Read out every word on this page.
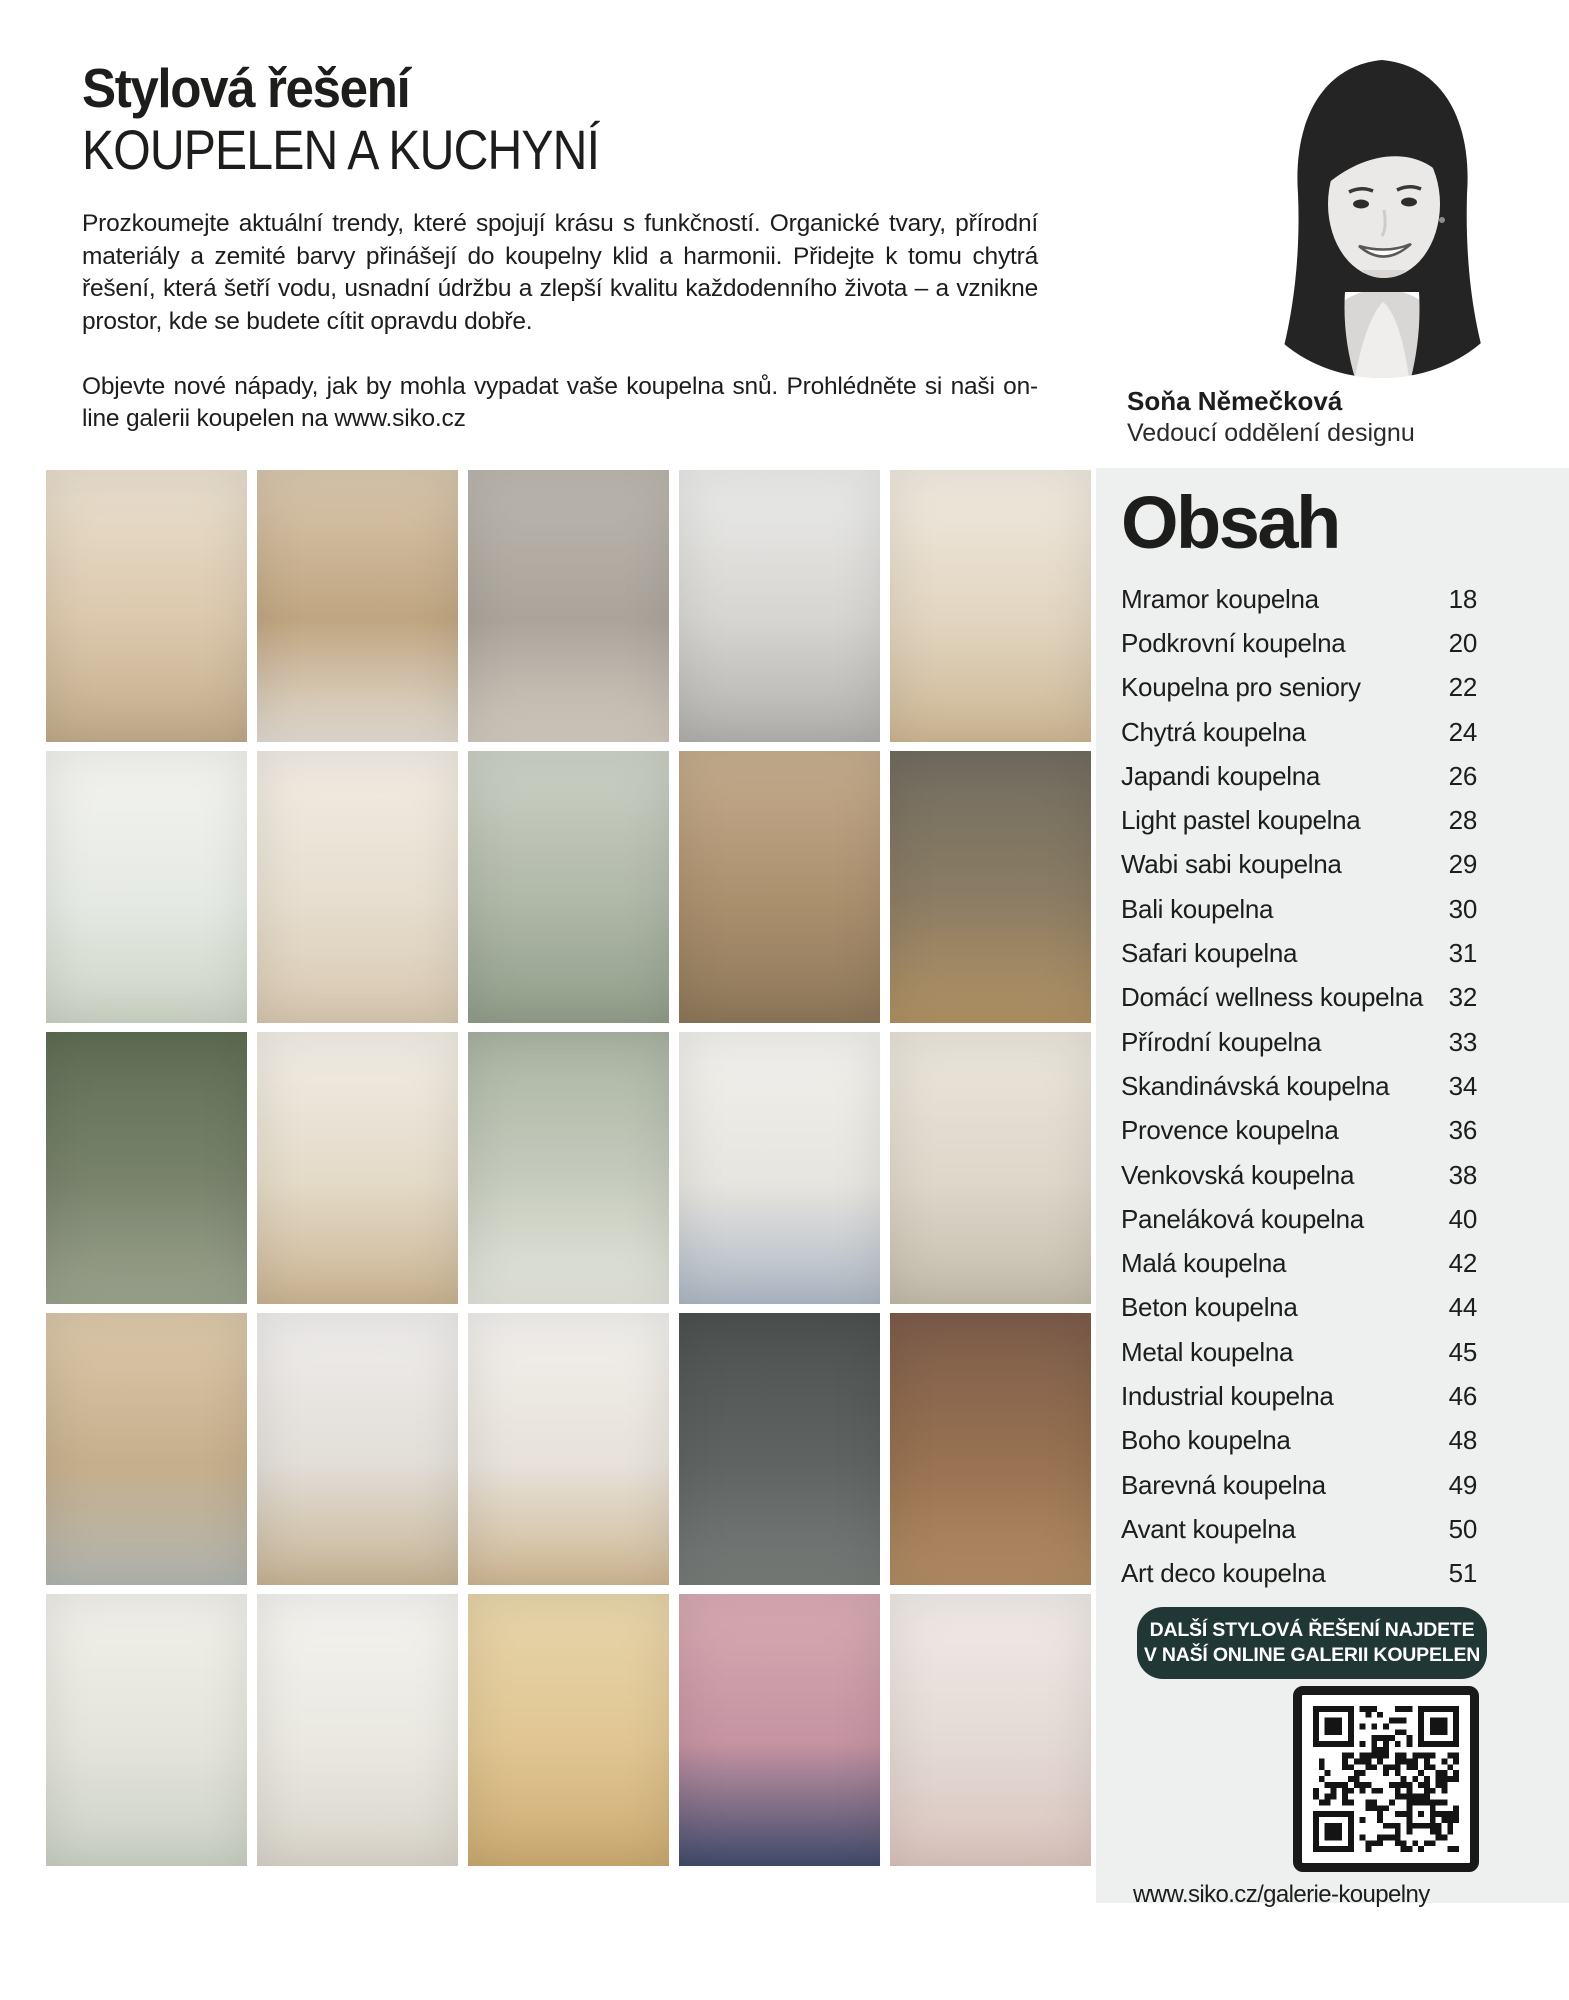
Stylová řešení
KOUPELEN A KUCHYNÍ

Prozkoumejte aktuální trendy, které spojují krásu s funkčností. Organické tvary, přírodní materiály a zemité barvy přinášejí do koupelny klid a harmonii. Přidejte k tomu chytrá řešení, která šetří vodu, usnadní údržbu a zlepší kvalitu každodenního života – a vznikne prostor, kde se budete cítit opravdu dobře.

Objevte nové nápady, jak by mohla vypadat vaše koupelna snů. Prohlédněte si naši on-line galerii koupelen na www.siko.cz

Soňa Němečková

Vedoucí oddělení designu

Obsah
Mramor koupelna	18
Podkrovní koupelna	20
Koupelna pro seniory	22
Chytrá koupelna	24
Japandi koupelna	26
Light pastel koupelna	28
Wabi sabi koupelna	29
Bali koupelna	30
Safari koupelna	31
Domácí wellness koupelna 32
Přírodní koupelna	33
Skandinávská koupelna 34
Provence koupelna	36
Venkovská koupelna	38
Paneláková koupelna	40
Malá koupelna	42
Beton koupelna	44
Metal koupelna	45
Industrial koupelna	46
Boho koupelna	48
Barevná koupelna	49
Avant koupelna	50
Art deco koupelna	51
DALŠÍ STYLOVÁ ŘEŠENÍ NAJDETE
V NAŠÍ ONLINE GALERII KOUPELEN
www.siko.cz/galerie-koupelny
